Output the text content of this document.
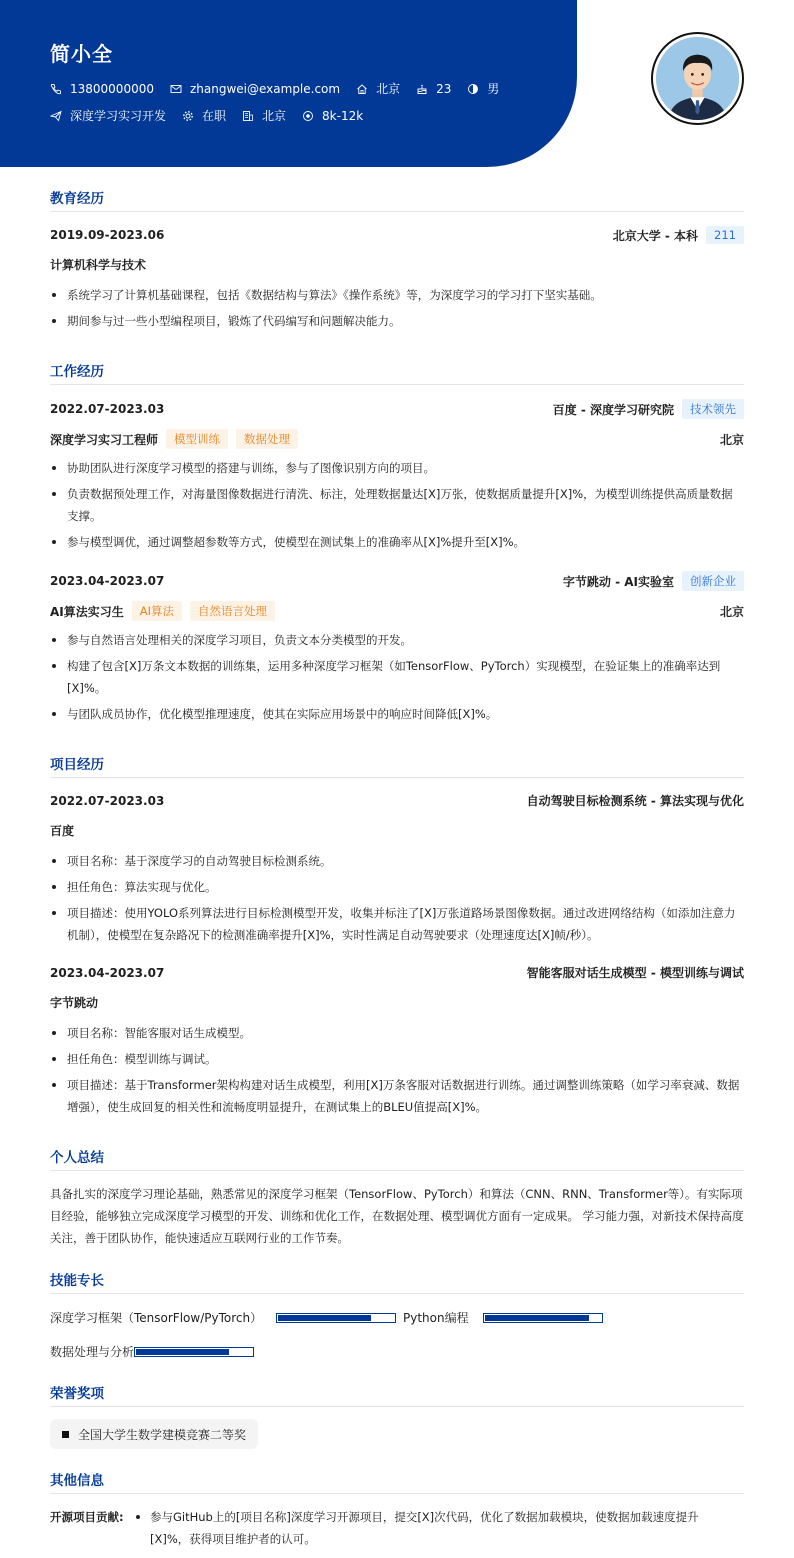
简小全
13800000000	zhangwei@example.com	北京	23	男
深度学习实习开发	在职	北京	8k-12k
教育经历
2019.09-2023.06	北京大学 - 本科	211
计算机科学与技术
系统学习了计算机基础课程，包括《数据结构与算法》《操作系统》等，为深度学习的学习打下坚实基础。
期间参与过一些小型编程项目，锻炼了代码编写和问题解决能力。
工作经历
2022.07-2023.03	百度 - 深度学习研究院	技术领先
深度学习实习工程师	模型训练	数据处理	北京
协助团队进行深度学习模型的搭建与训练，参与了图像识别方向的项目。
负责数据预处理工作，对海量图像数据进行清洗、标注，处理数据量达[X]万张，使数据质量提升[X]%，为模型训练提供高质量数据支撑。
参与模型调优，通过调整超参数等方式，使模型在测试集上的准确率从[X]%提升至[X]%。
2023.04-2023.07	字节跳动 - AI实验室	创新企业
AI算法实习生	AI算法	自然语言处理	北京
参与自然语言处理相关的深度学习项目，负责文本分类模型的开发。
构建了包含[X]万条文本数据的训练集，运用多种深度学习框架（如TensorFlow、PyTorch）实现模型，在验证集上的准确率达到[X]%。
与团队成员协作，优化模型推理速度，使其在实际应用场景中的响应时间降低[X]%。
项目经历
2022.07-2023.03	自动驾驶目标检测系统 - 算法实现与优化
百度
项目名称：基于深度学习的自动驾驶目标检测系统。
担任角色：算法实现与优化。
项目描述：使用YOLO系列算法进行目标检测模型开发，收集并标注了[X]万张道路场景图像数据。通过改进网络结构（如添加注意力机制），使模型在复杂路况下的检测准确率提升[X]%，实时性满足自动驾驶要求（处理速度达[X]帧/秒）。
2023.04-2023.07	智能客服对话生成模型 - 模型训练与调试
字节跳动
项目名称：智能客服对话生成模型。
担任角色：模型训练与调试。
项目描述：基于Transformer架构构建对话生成模型，利用[X]万条客服对话数据进行训练。通过调整训练策略（如学习率衰减、数据增强），使生成回复的相关性和流畅度明显提升，在测试集上的BLEU值提高[X]%。
个人总结
具备扎实的深度学习理论基础，熟悉常见的深度学习框架（TensorFlow、PyTorch）和算法（CNN、RNN、Transformer等）。有实际项目经验，能够独立完成深度学习模型的开发、训练和优化工作，在数据处理、模型调优方面有一定成果。 学习能力强，对新技术保持高度关注，善于团队协作，能快速适应互联网行业的工作节奏。
技能专长
深度学习框架（TensorFlow/PyTorch）	Python编程
数据处理与分析
荣誉奖项
全国大学生数学建模竞赛二等奖
其他信息
开源项目贡献:	参与GitHub上的[项目名称]深度学习开源项目，提交[X]次代码，优化了数据加载模块，使数据加载速度提升[X]%，获得项目维护者的认可。
